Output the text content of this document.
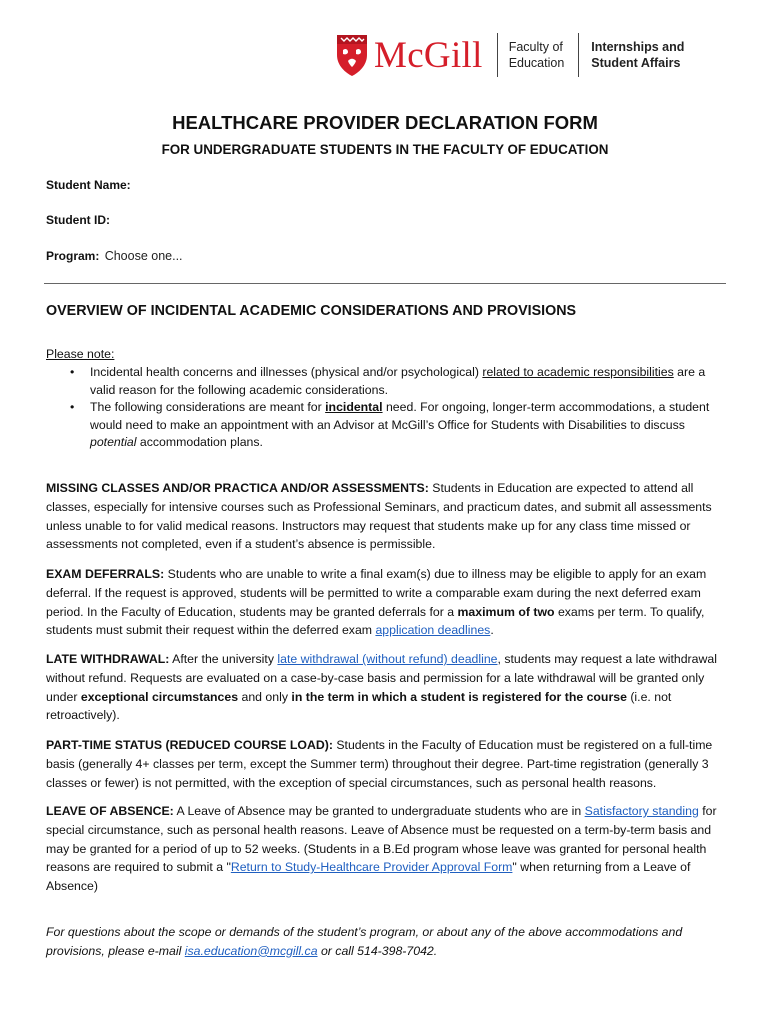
McGill Faculty of
Education
Internships and
Student Affairs
HEALTHCARE PROVIDER DECLARATION FORM
FOR UNDERGRADUATE STUDENTS IN THE FACULTY OF EDUCATION
Student Name:
Student ID:
Program: Choose one...
OVERVIEW OF INCIDENTAL ACADEMIC CONSIDERATIONS AND PROVISIONS
Please note:
• Incidental health concerns and illnesses (physical and/or psychological) related to academic responsibilities are a valid reason for the following academic considerations.
• The following considerations are meant for incidental need. For ongoing, longer-term accommodations, a student would need to make an appointment with an Advisor at McGill’s Office for Students with Disabilities to discuss potential accommodation plans.
MISSING CLASSES AND/OR PRACTICA AND/OR ASSESSMENTS: Students in Education are expected to attend all classes, especially for intensive courses such as Professional Seminars, and practicum dates, and submit all assessments unless unable to for valid medical reasons. Instructors may request that students make up for any class time missed or assessments not completed, even if a student’s absence is permissible.
EXAM DEFERRALS: Students who are unable to write a final exam(s) due to illness may be eligible to apply for an exam deferral. If the request is approved, students will be permitted to write a comparable exam during the next deferred exam period. In the Faculty of Education, students may be granted deferrals for a maximum of two exams per term. To qualify, students must submit their request within the deferred exam application deadlines.
LATE WITHDRAWAL: After the university late withdrawal (without refund) deadline, students may request a late withdrawal without refund. Requests are evaluated on a case-by-case basis and permission for a late withdrawal will be granted only under exceptional circumstances and only in the term in which a student is registered for the course (i.e. not retroactively).
PART-TIME STATUS (REDUCED COURSE LOAD): Students in the Faculty of Education must be registered on a full-time basis (generally 4+ classes per term, except the Summer term) throughout their degree. Part-time registration (generally 3 classes or fewer) is not permitted, with the exception of special circumstances, such as personal health reasons.
LEAVE OF ABSENCE: A Leave of Absence may be granted to undergraduate students who are in Satisfactory standing for special circumstance, such as personal health reasons. Leave of Absence must be requested on a term-by-term basis and may be granted for a period of up to 52 weeks. (Students in a B.Ed program whose leave was granted for personal health reasons are required to submit a "Return to Study-Healthcare Provider Approval Form" when returning from a Leave of Absence)
For questions about the scope or demands of the student’s program, or about any of the above accommodations and provisions, please e-mail isa.education@mcgill.ca or call 514-398-7042.
